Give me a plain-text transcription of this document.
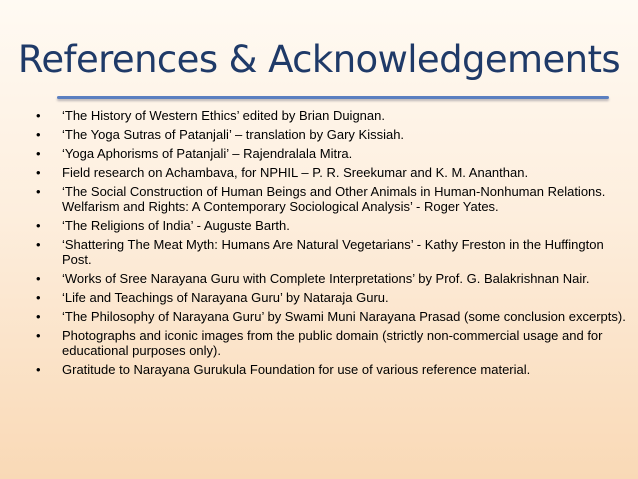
References & Acknowledgements
• ‘The History of Western Ethics’ edited by Brian Duignan.
• ‘The Yoga Sutras of Patanjali’ – translation by Gary Kissiah.
• ‘Yoga Aphorisms of Patanjali’ – Rajendralala Mitra.
• Field research on Achambava, for NPHIL – P. R. Sreekumar and K. M. Ananthan.
• ‘The Social Construction of Human Beings and Other Animals in Human-Nonhuman Relations. Welfarism and Rights: A Contemporary Sociological Analysis’ - Roger Yates.
• ‘The Religions of India’ - Auguste Barth.
• ‘Shattering The Meat Myth: Humans Are Natural Vegetarians’ - Kathy Freston in the Huffington Post.
• ‘Works of Sree Narayana Guru with Complete Interpretations’ by Prof. G. Balakrishnan Nair.
• ‘Life and Teachings of Narayana Guru’ by Nataraja Guru.
• ‘The Philosophy of Narayana Guru’ by Swami Muni Narayana Prasad (some conclusion excerpts).
• Photographs and iconic images from the public domain (strictly non-commercial usage and for educational purposes only).
• Gratitude to Narayana Gurukula Foundation for use of various reference material.
